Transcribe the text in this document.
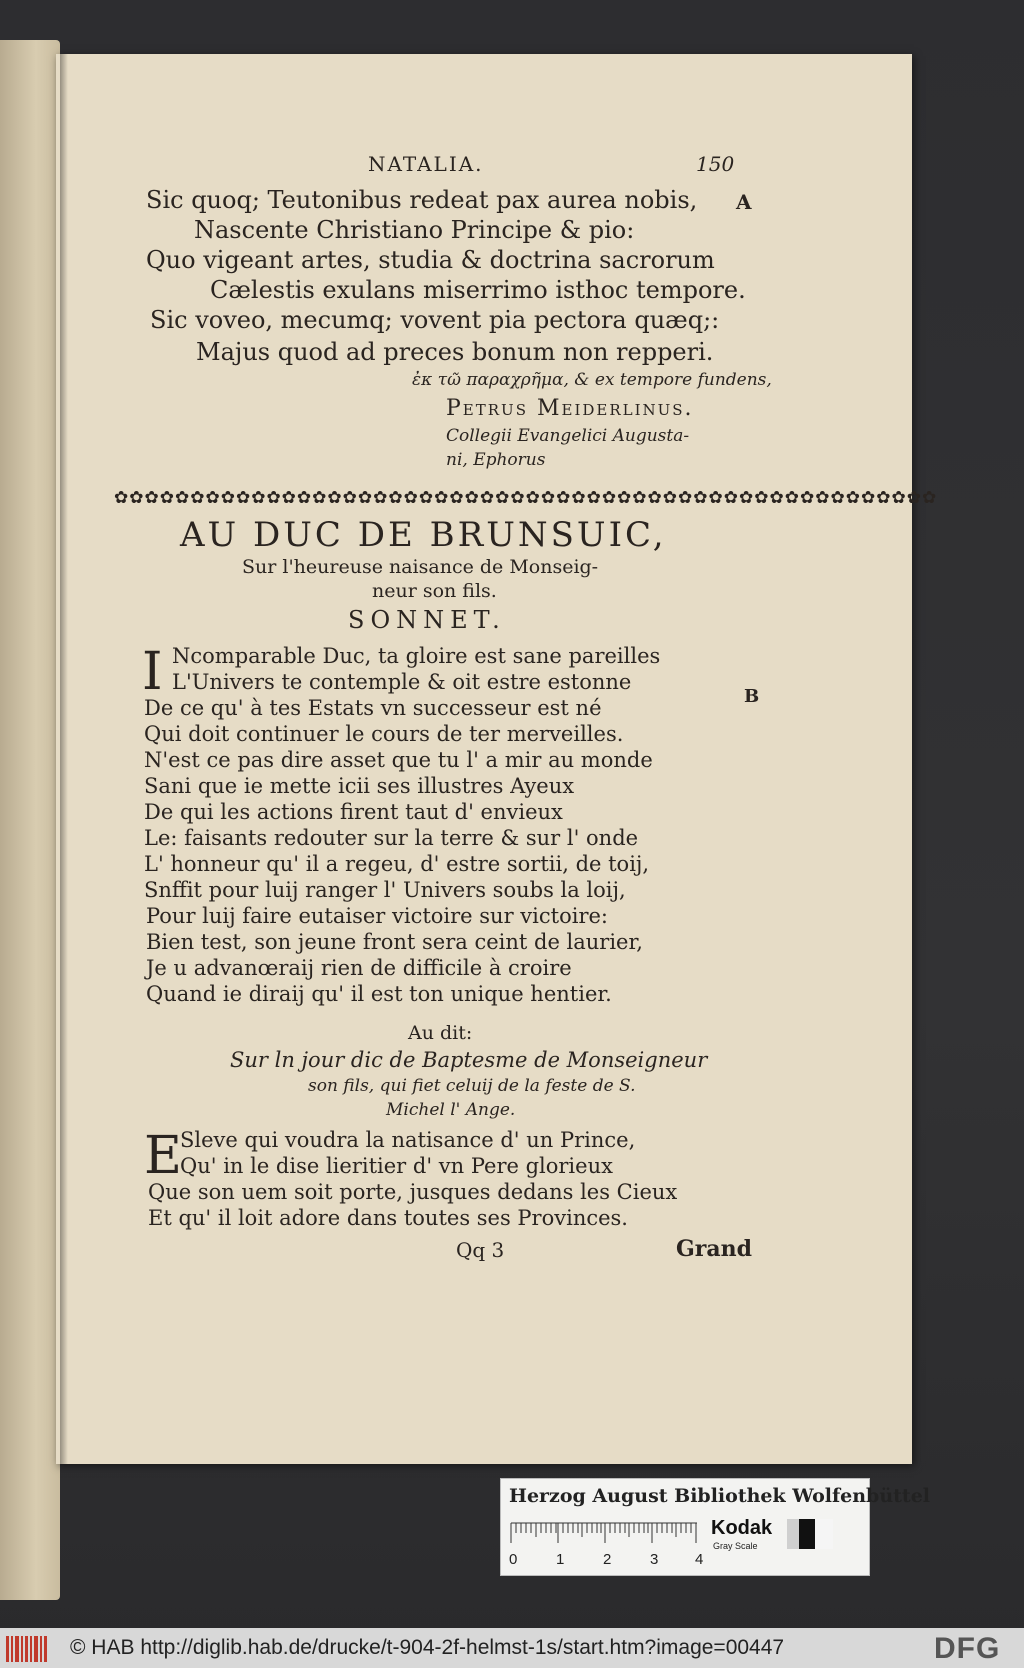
NATALIA.	150
A
Sic quoq; Teutonibus redeat pax aurea nobis,
Nascente Christiano Principe & pio:
Quo vigeant artes, studia & doctrina sacrorum
Cælestis exulans miserrimo isthoc tempore.
Sic voveo, mecumq; vovent pia pectora quæq;:
Majus quod ad preces bonum non repperi.
ἐκ τῶ παραχρῆμα, & ex tempore fundens,
Petrus Meiderlinus.
Collegii Evangelici Augusta-
ni, Ephorus
✿✿✿✿✿✿✿✿✿✿✿✿✿✿✿✿✿✿✿✿✿✿✿✿✿✿✿✿✿✿✿✿✿✿✿✿✿✿✿✿✿✿✿✿✿✿✿✿✿✿✿✿✿✿
AU DUC DE BRUNSUIC,
Sur l'heureuse naisance de Monseig-
neur son fils.
SONNET.
I	B
Ncomparable Duc, ta gloire est sane pareilles
L'Univers te contemple & oit estre estonne
De ce qu' à tes Estats vn successeur est né
Qui doit continuer le cours de ter merveilles.
N'est ce pas dire asset que tu l' a mir au monde
Sani que ie mette icii ses illustres Ayeux
De qui les actions firent taut d' envieux
Le: faisants redouter sur la terre & sur l' onde
L' honneur qu' il a regeu, d' estre sortii, de toij,
Snffit pour luij ranger l' Univers soubs la loij,
Pour luij faire eutaiser victoire sur victoire:
Bien test, son jeune front sera ceint de laurier,
Je u advanœraij rien de difficile à croire
Quand ie diraij qu' il est ton unique hentier.
Au dit:
Sur ln jour dic de Baptesme de Monseigneur
son fils, qui fiet celuij de la feste de S.
Michel l' Ange.
E
Sleve qui voudra la natisance d' un Prince,
Qu' in le dise lieritier d' vn Pere glorieux
Que son uem soit porte, jusques dedans les Cieux
Et qu' il loit adore dans toutes ses Provinces.
Qq 3	Grand
Herzog August Bibliothek Wolfenbüttel
0	1	2	3 4
Kodak
Gray Scale
© HAB http://diglib.hab.de/drucke/t-904-2f-helmst-1s/start.htm?image=00447	DFG
